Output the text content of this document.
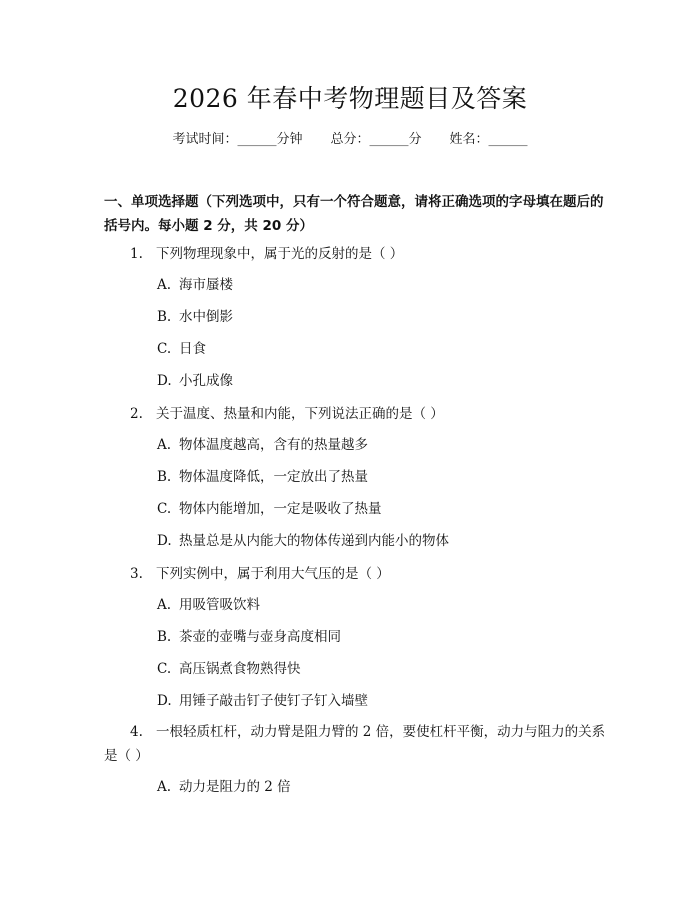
2026 年春中考物理题目及答案
考试时间：______分钟 总分：______分 姓名：______
一、单项选择题（下列选项中，只有一个符合题意，请将正确选项的字母填在题后的括号内。每小题 2 分，共 20 分）
1. 下列物理现象中，属于光的反射的是（ ）
A. 海市蜃楼
B. 水中倒影
C. 日食
D. 小孔成像
2. 关于温度、热量和内能，下列说法正确的是（ ）
A. 物体温度越高，含有的热量越多
B. 物体温度降低，一定放出了热量
C. 物体内能增加，一定是吸收了热量
D. 热量总是从内能大的物体传递到内能小的物体
3. 下列实例中，属于利用大气压的是（ ）
A. 用吸管吸饮料
B. 茶壶的壶嘴与壶身高度相同
C. 高压锅煮食物熟得快
D. 用锤子敲击钉子使钉子钉入墙壁
4. 一根轻质杠杆，动力臂是阻力臂的 2 倍，要使杠杆平衡，动力与阻力的关系是（ ）
A. 动力是阻力的 2 倍
